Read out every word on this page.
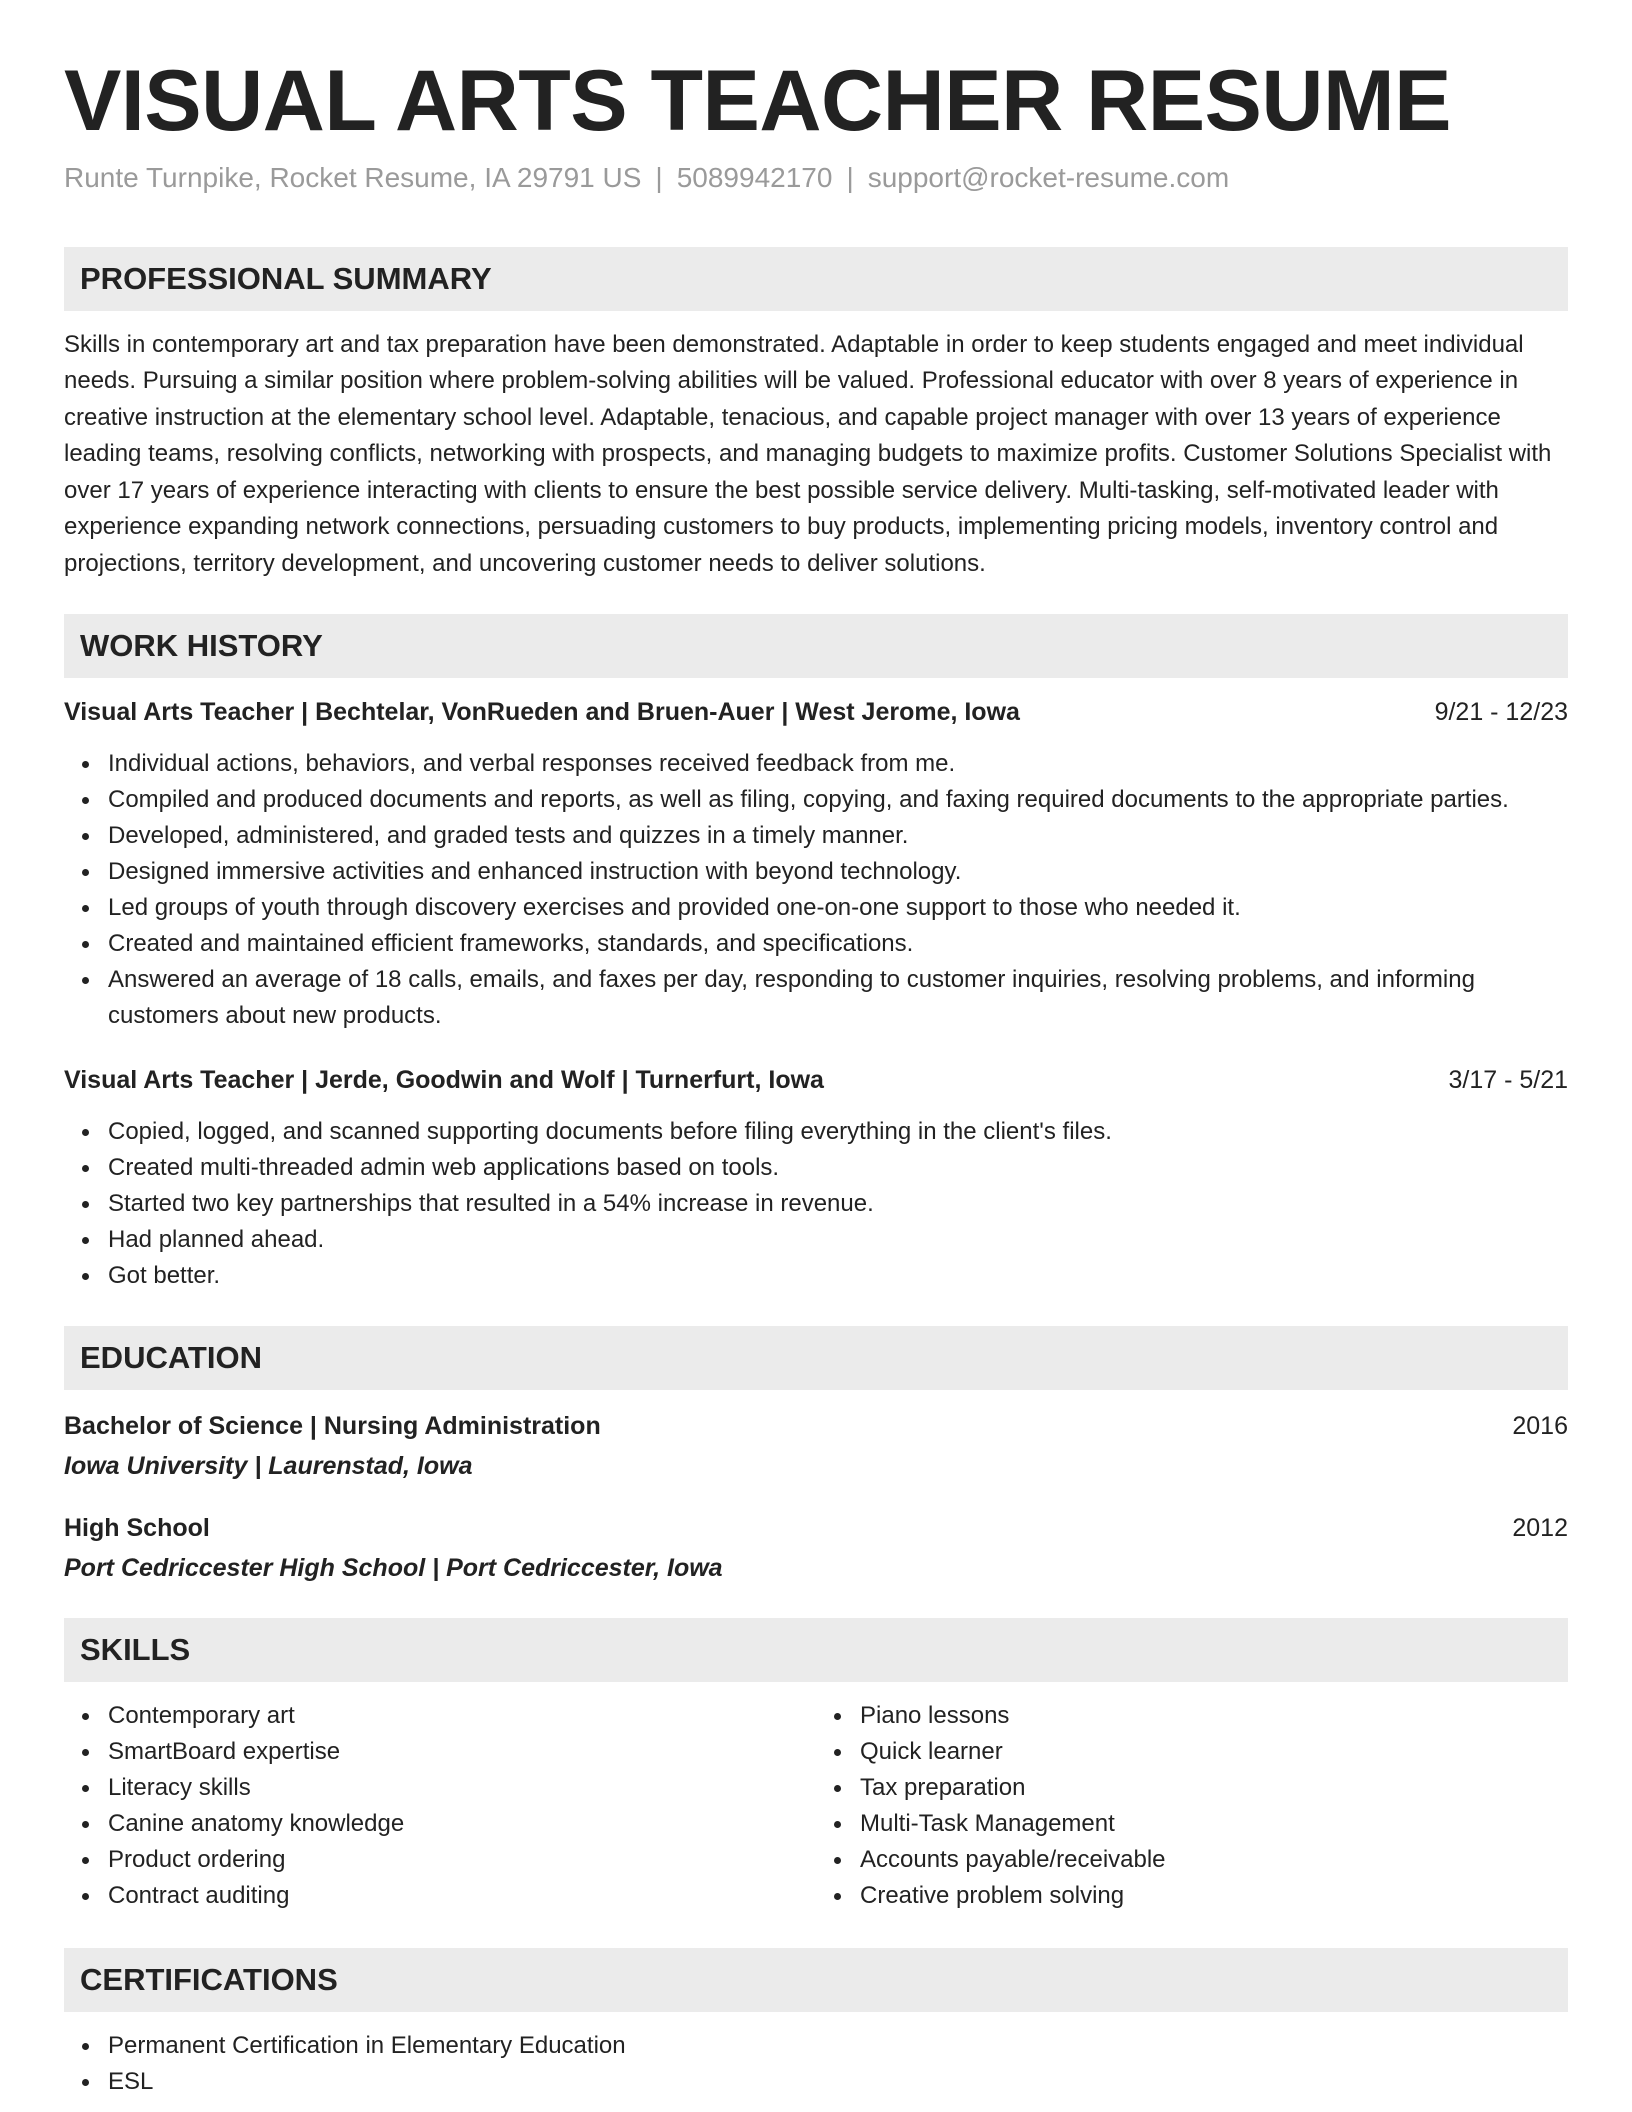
VISUAL ARTS TEACHER RESUME
Runte Turnpike, Rocket Resume, IA 29791 US | 5089942170 | support@rocket-resume.com
PROFESSIONAL SUMMARY

Skills in contemporary art and tax preparation have been demonstrated. Adaptable in order to keep students engaged and meet individual needs. Pursuing a similar position where problem-solving abilities will be valued. Professional educator with over 8 years of experience in creative instruction at the elementary school level. Adaptable, tenacious, and capable project manager with over 13 years of experience leading teams, resolving conflicts, networking with prospects, and managing budgets to maximize profits. Customer Solutions Specialist with over 17 years of experience interacting with clients to ensure the best possible service delivery. Multi-tasking, self-motivated leader with experience expanding network connections, persuading customers to buy products, implementing pricing models, inventory control and projections, territory development, and uncovering customer needs to deliver solutions.

WORK HISTORY
Visual Arts Teacher | Bechtelar, VonRueden and Bruen-Auer | West Jerome, Iowa	9/21 - 12/23
Individual actions, behaviors, and verbal responses received feedback from me.
Compiled and produced documents and reports, as well as filing, copying, and faxing required documents to the appropriate parties.
Developed, administered, and graded tests and quizzes in a timely manner.
Designed immersive activities and enhanced instruction with beyond technology.
Led groups of youth through discovery exercises and provided one-on-one support to those who needed it.
Created and maintained efficient frameworks, standards, and specifications.
Answered an average of 18 calls, emails, and faxes per day, responding to customer inquiries, resolving problems, and informing customers about new products.
Visual Arts Teacher | Jerde, Goodwin and Wolf | Turnerfurt, Iowa	3/17 - 5/21
Copied, logged, and scanned supporting documents before filing everything in the client's files.
Created multi-threaded admin web applications based on tools.
Started two key partnerships that resulted in a 54% increase in revenue.
Had planned ahead.
Got better.
EDUCATION
Bachelor of Science | Nursing Administration	2016
Iowa University | Laurenstad, Iowa
High School	2012
Port Cedriccester High School | Port Cedriccester, Iowa
SKILLS
Contemporary art
SmartBoard expertise
Literacy skills
Canine anatomy knowledge
Product ordering
Contract auditing
Piano lessons
Quick learner
Tax preparation
Multi-Task Management
Accounts payable/receivable
Creative problem solving
CERTIFICATIONS
Permanent Certification in Elementary Education
ESL
